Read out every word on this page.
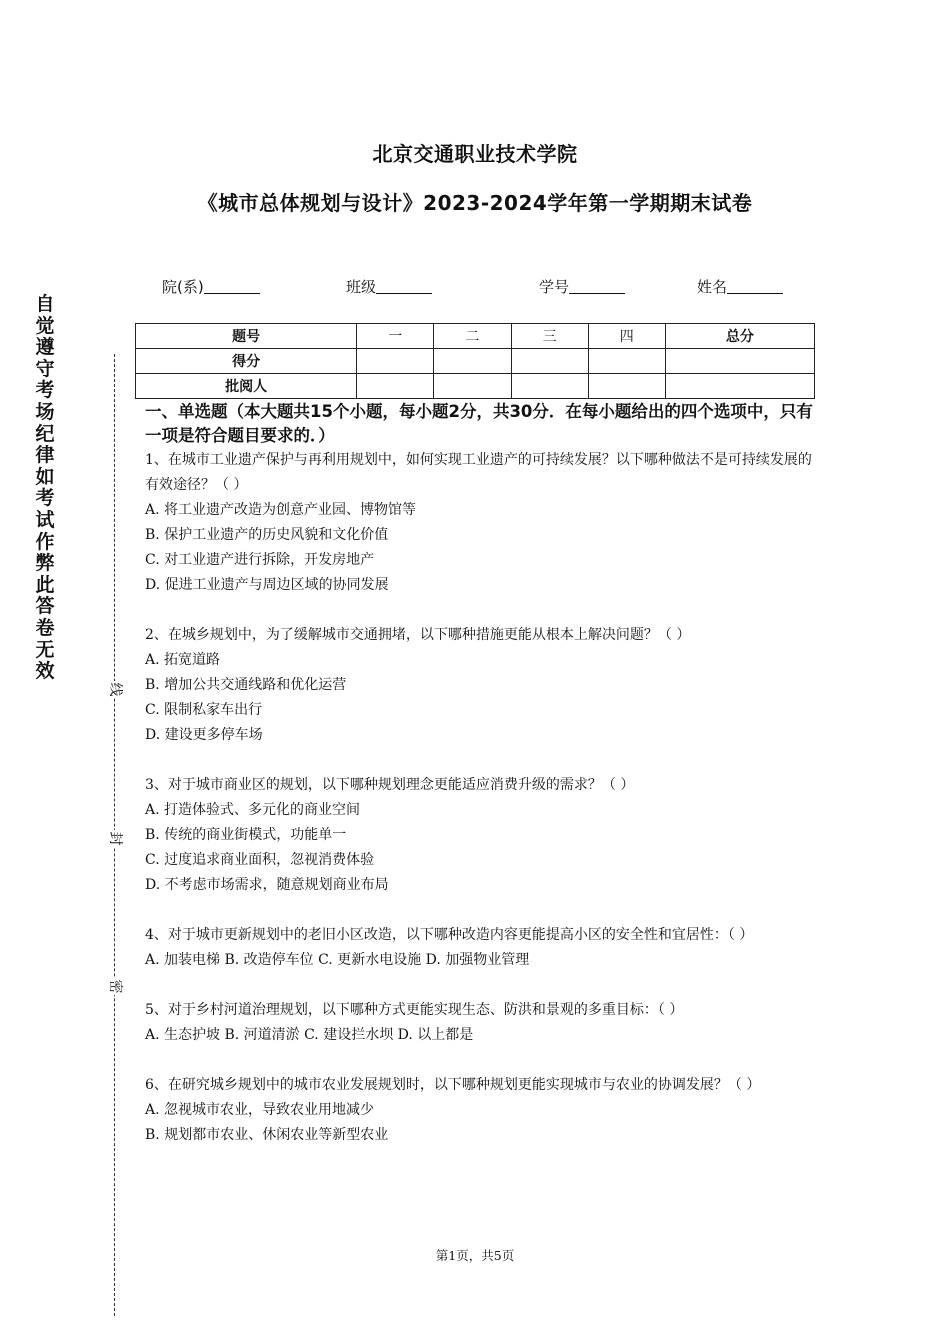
北京交通职业技术学院
《城市总体规划与设计》2023-2024学年第一学期期末试卷
院(系)	班级	学号	姓名
题号	一	二	三	四	总分
得分					
批阅人					
自觉遵守考场纪律如考试作弊此答卷无效
线
封
密

一、单选题（本大题共15个小题，每小题2分，共30分．在每小题给出的四个选项中，只有一项是符合题目要求的．）

1、在城市工业遗产保护与再利用规划中，如何实现工业遗产的可持续发展？以下哪种做法不是可持续发展的有效途径？（ ）

A. 将工业遗产改造为创意产业园、博物馆等

B. 保护工业遗产的历史风貌和文化价值

C. 对工业遗产进行拆除，开发房地产

D. 促进工业遗产与周边区域的协同发展

2、在城乡规划中，为了缓解城市交通拥堵，以下哪种措施更能从根本上解决问题？（ ）

A. 拓宽道路

B. 增加公共交通线路和优化运营

C. 限制私家车出行

D. 建设更多停车场

3、对于城市商业区的规划，以下哪种规划理念更能适应消费升级的需求？（ ）

A. 打造体验式、多元化的商业空间

B. 传统的商业街模式，功能单一

C. 过度追求商业面积，忽视消费体验

D. 不考虑市场需求，随意规划商业布局

4、对于城市更新规划中的老旧小区改造，以下哪种改造内容更能提高小区的安全性和宜居性：（ ）

A. 加装电梯 B. 改造停车位 C. 更新水电设施 D. 加强物业管理

5、对于乡村河道治理规划，以下哪种方式更能实现生态、防洪和景观的多重目标：（ ）

A. 生态护坡 B. 河道清淤 C. 建设拦水坝 D. 以上都是

6、在研究城乡规划中的城市农业发展规划时，以下哪种规划更能实现城市与农业的协调发展？（ ）

A. 忽视城市农业，导致农业用地减少

B. 规划都市农业、休闲农业等新型农业

第1页，共5页
